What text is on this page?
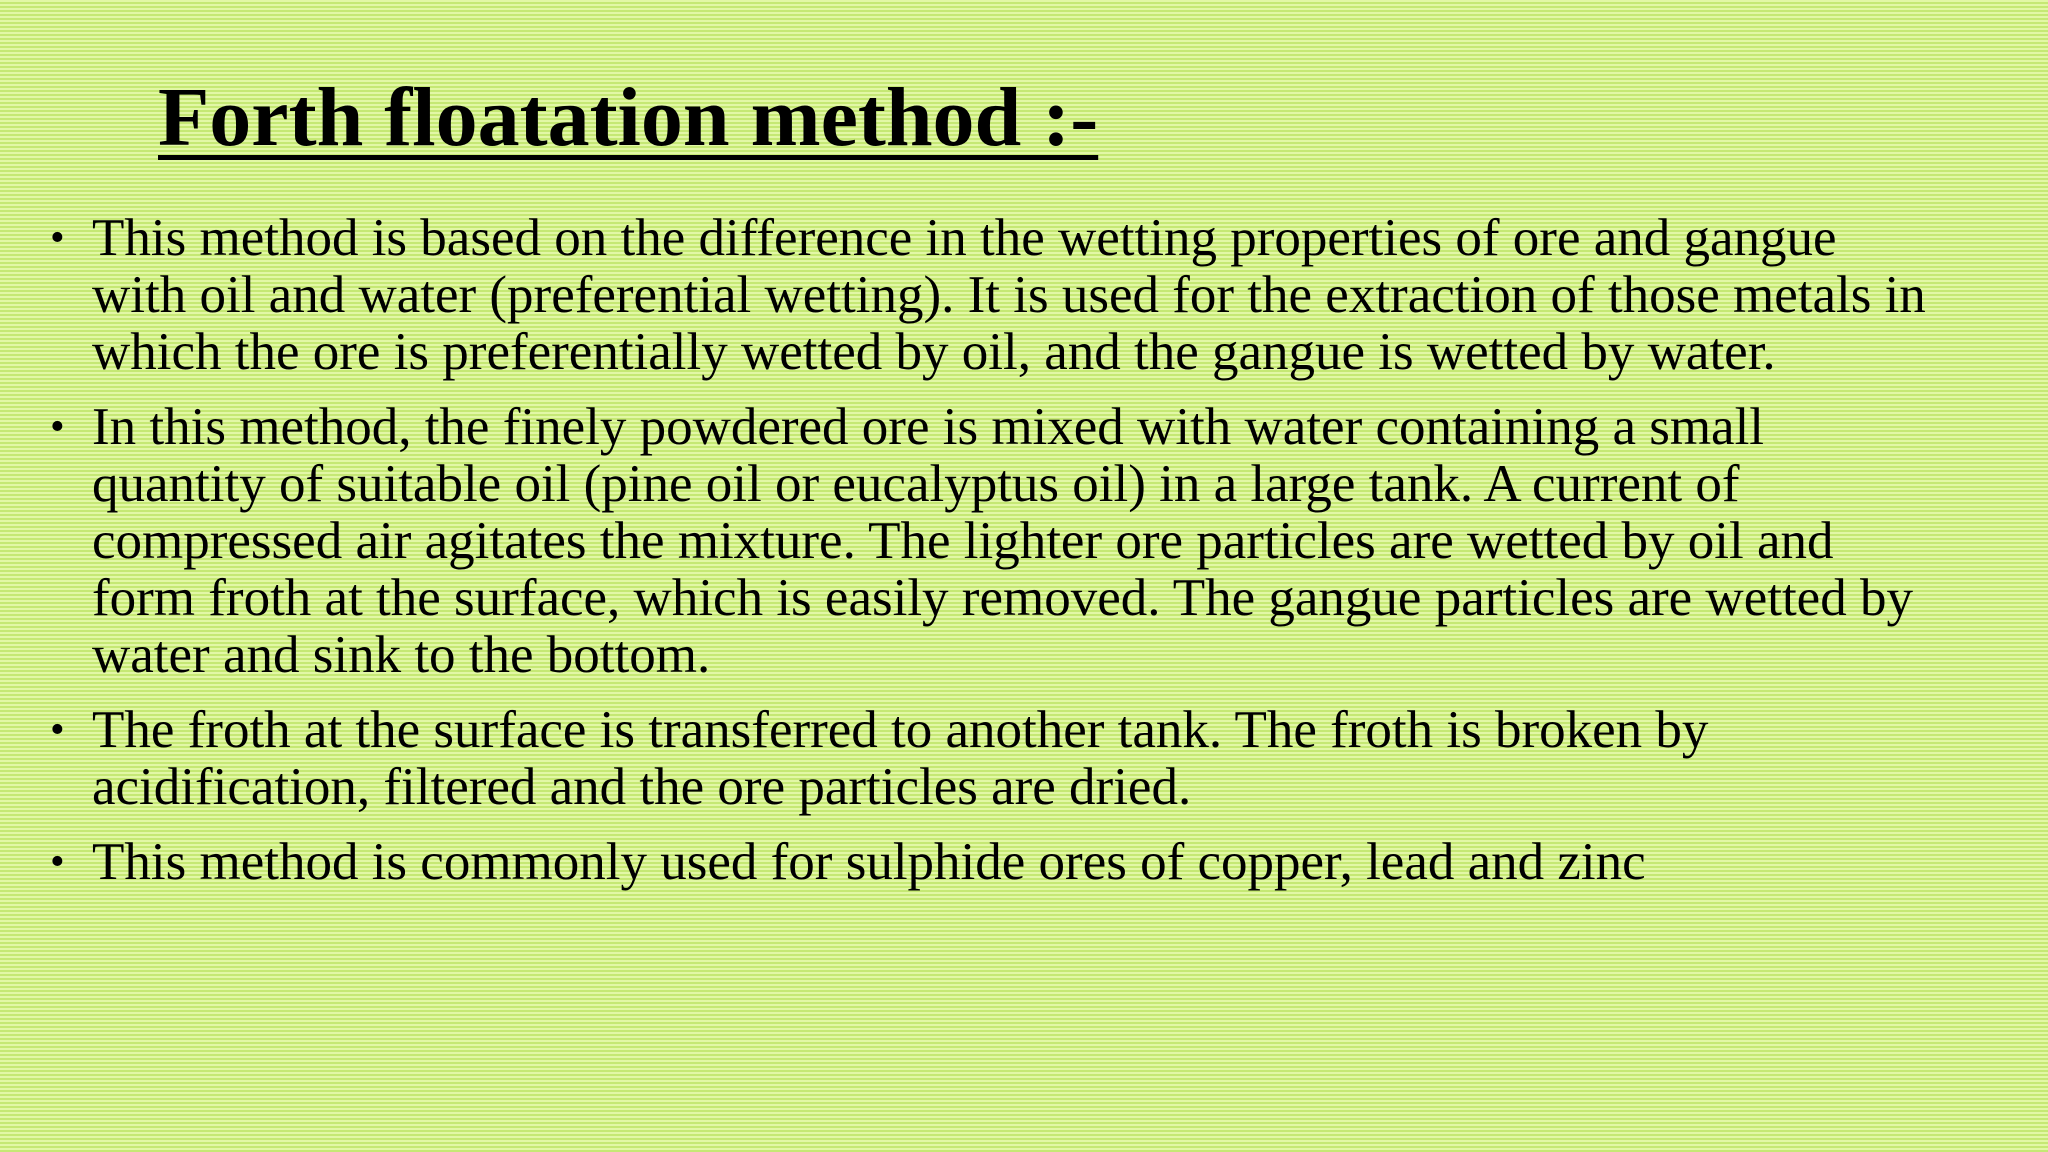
Forth floatation method :-
• This method is based on the difference in the wetting properties of ore and gangue with oil and water (preferential wetting). It is used for the extraction of those metals in which the ore is preferentially wetted by oil, and the gangue is wetted by water.
• In this method, the finely powdered ore is mixed with water containing a small quantity of suitable oil (pine oil or eucalyptus oil) in a large tank. A current of compressed air agitates the mixture. The lighter ore particles are wetted by oil and form froth at the surface, which is easily removed. The gangue particles are wetted by water and sink to the bottom.
• The froth at the surface is transferred to another tank. The froth is broken by acidification, filtered and the ore particles are dried.
• This method is commonly used for sulphide ores of copper, lead and zinc
